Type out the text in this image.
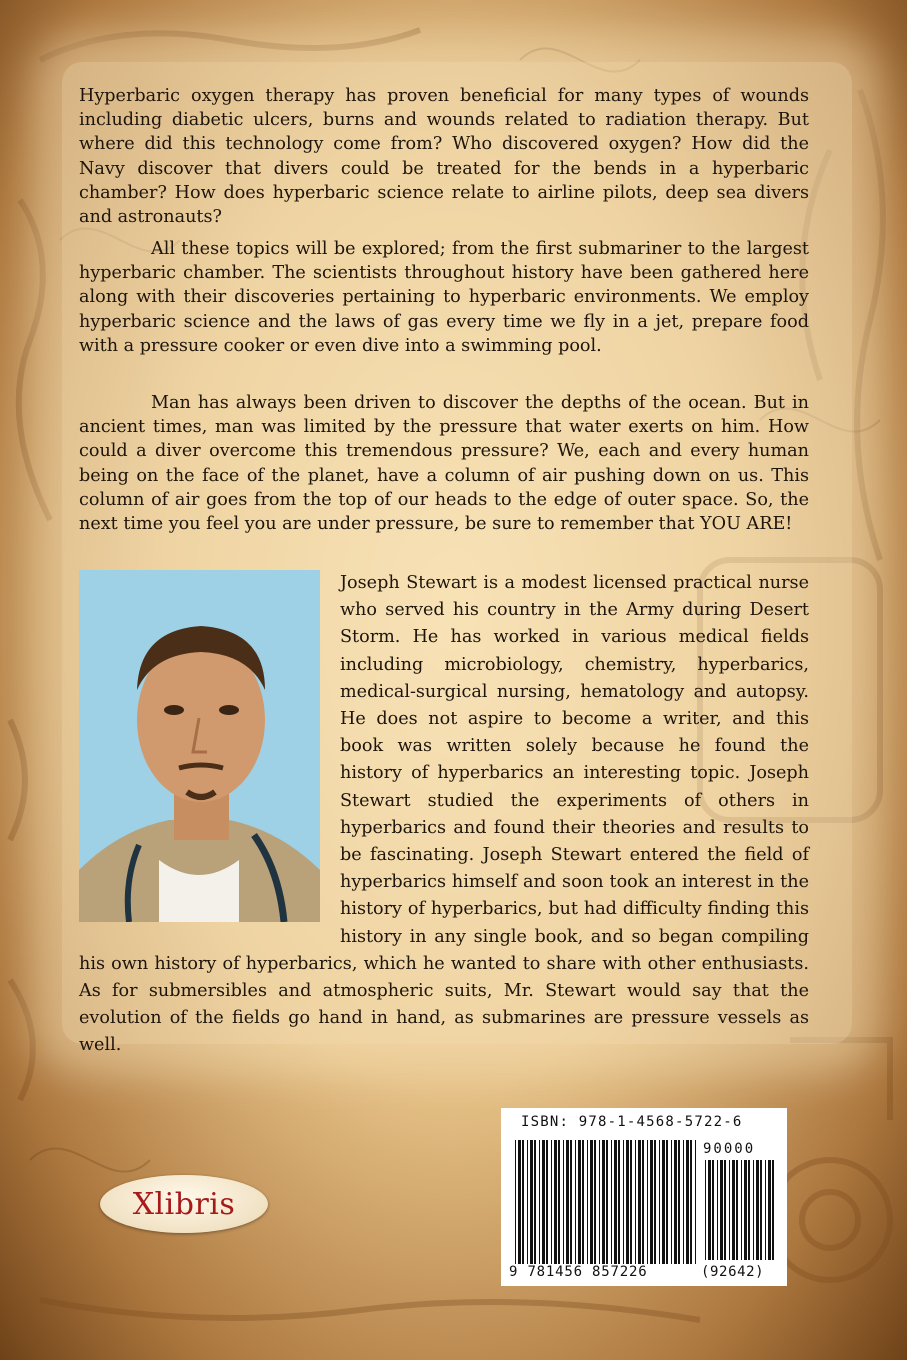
Hyperbaric oxygen therapy has proven beneficial for many types of wounds including diabetic ulcers, burns and wounds related to radiation therapy. But where did this technology come from? Who discovered oxygen? How did the Navy discover that divers could be treated for the bends in a hyperbaric chamber? How does hyperbaric science relate to airline pilots, deep sea divers and astronauts?

All these topics will be explored; from the first submariner to the largest hyperbaric chamber. The scientists throughout history have been gathered here along with their discoveries pertaining to hyperbaric environments. We employ hyperbaric science and the laws of gas every time we fly in a jet, prepare food with a pressure cooker or even dive into a swimming pool.

Man has always been driven to discover the depths of the ocean. But in ancient times, man was limited by the pressure that water exerts on him. How could a diver overcome this tremendous pressure? We, each and every human being on the face of the planet, have a column of air pushing down on us. This column of air goes from the top of our heads to the edge of outer space. So, the next time you feel you are under pressure, be sure to remember that YOU ARE!

Joseph Stewart is a modest licensed practical nurse who served his country in the Army during Desert Storm. He has worked in various medical fields including microbiology, chemistry, hyperbarics, medical-surgical nursing, hematology and autopsy. He does not aspire to become a writer, and this book was written solely because he found the history of hyperbarics an interesting topic. Joseph Stewart studied the experiments of others in hyperbarics and found their theories and results to be fascinating. Joseph Stewart entered the field of hyperbarics himself and soon took an interest in the history of hyperbarics, but had difficulty finding this history in any single book, and so began compiling his own history of hyperbarics, which he wanted to share with other enthusiasts. As for submersibles and atmospheric suits, Mr. Stewart would say that the evolution of the fields go hand in hand, as submarines are pressure vessels as well.
ISBN: 978-1-4568-5722-6
90000
9 781456 857226	(92642)
Xlibris
